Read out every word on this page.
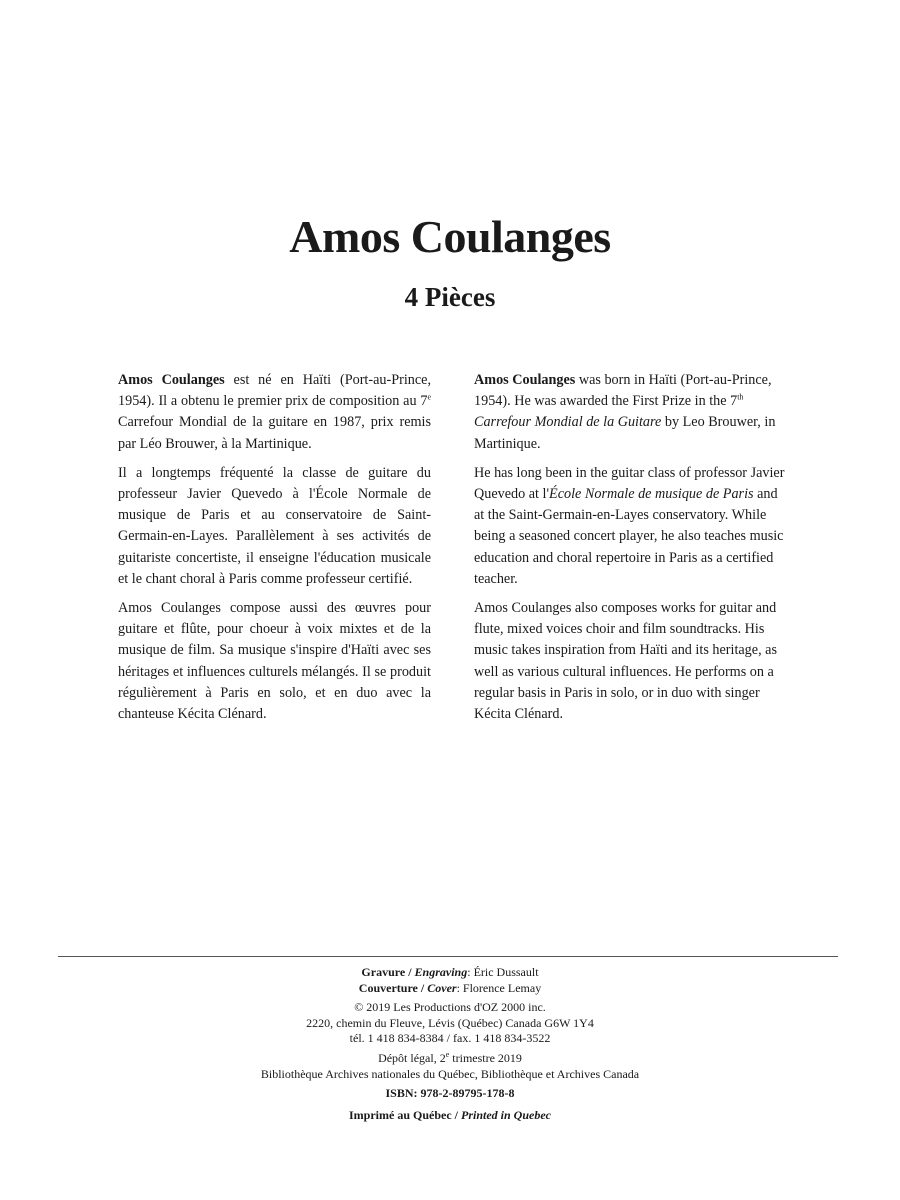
Amos Coulanges
4 Pièces

Amos Coulanges est né en Haïti (Port-au-Prince, 1954). Il a obtenu le premier prix de composition au 7e Carrefour Mondial de la guitare en 1987, prix remis par Léo Brouwer, à la Martinique.

Il a longtemps fréquenté la classe de guitare du professeur Javier Quevedo à l'École Normale de musique de Paris et au conservatoire de Saint-Germain-en-Layes. Parallèlement à ses activités de guitariste concertiste, il enseigne l'éducation musicale et le chant choral à Paris comme professeur certifié.

Amos Coulanges compose aussi des œuvres pour guitare et flûte, pour choeur à voix mixtes et de la musique de film. Sa musique s'inspire d'Haïti avec ses héritages et influences culturels mélangés. Il se produit régulièrement à Paris en solo, et en duo avec la chanteuse Kécita Clénard.

Amos Coulanges was born in Haïti (Port-au-Prince, 1954). He was awarded the First Prize in the 7th Carrefour Mondial de la Guitare by Leo Brouwer, in Martinique.

He has long been in the guitar class of professor Javier Quevedo at l'École Normale de musique de Paris and at the Saint-Germain-en-Layes conservatory. While being a seasoned concert player, he also teaches music education and choral repertoire in Paris as a certified teacher.

Amos Coulanges also composes works for guitar and flute, mixed voices choir and film soundtracks. His music takes inspiration from Haïti and its heritage, as well as various cultural influences. He performs on a regular basis in Paris in solo, or in duo with singer Kécita Clénard.

Gravure / Engraving: Éric Dussault
Couverture / Cover: Florence Lemay
© 2019 Les Productions d'OZ 2000 inc.
2220, chemin du Fleuve, Lévis (Québec) Canada G6W 1Y4
tél. 1 418 834-8384 / fax. 1 418 834-3522
Dépôt légal, 2e trimestre 2019
Bibliothèque Archives nationales du Québec, Bibliothèque et Archives Canada
ISBN: 978-2-89795-178-8
Imprimé au Québec / Printed in Quebec
